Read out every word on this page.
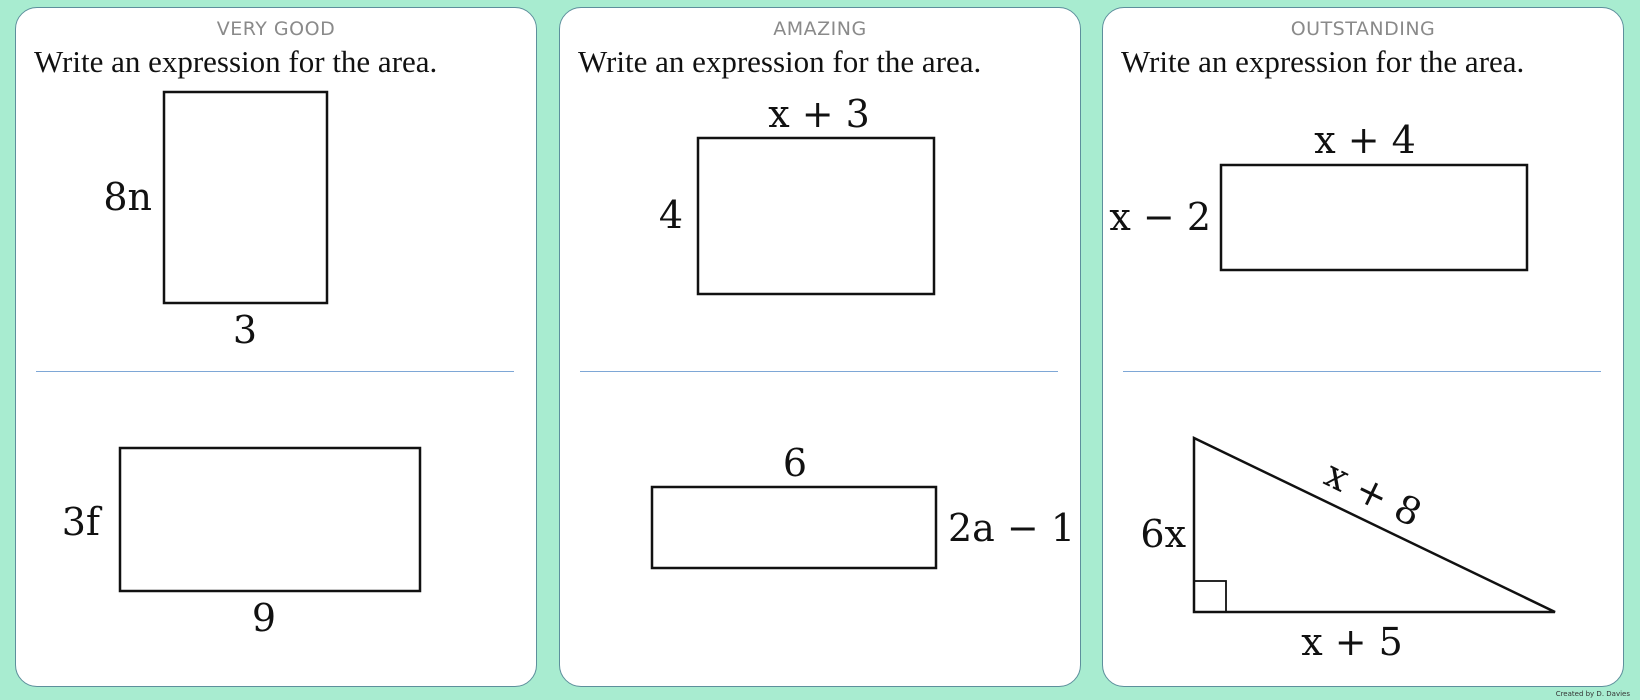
VERY GOOD
Write an expression for the area.
8n
3
3f
9
AMAZING
Write an expression for the area.
x + 3
4
6
2a − 1
OUTSTANDING
Write an expression for the area.
x + 4
x − 2
x + 8
6x
x + 5
Created by D. Davies
